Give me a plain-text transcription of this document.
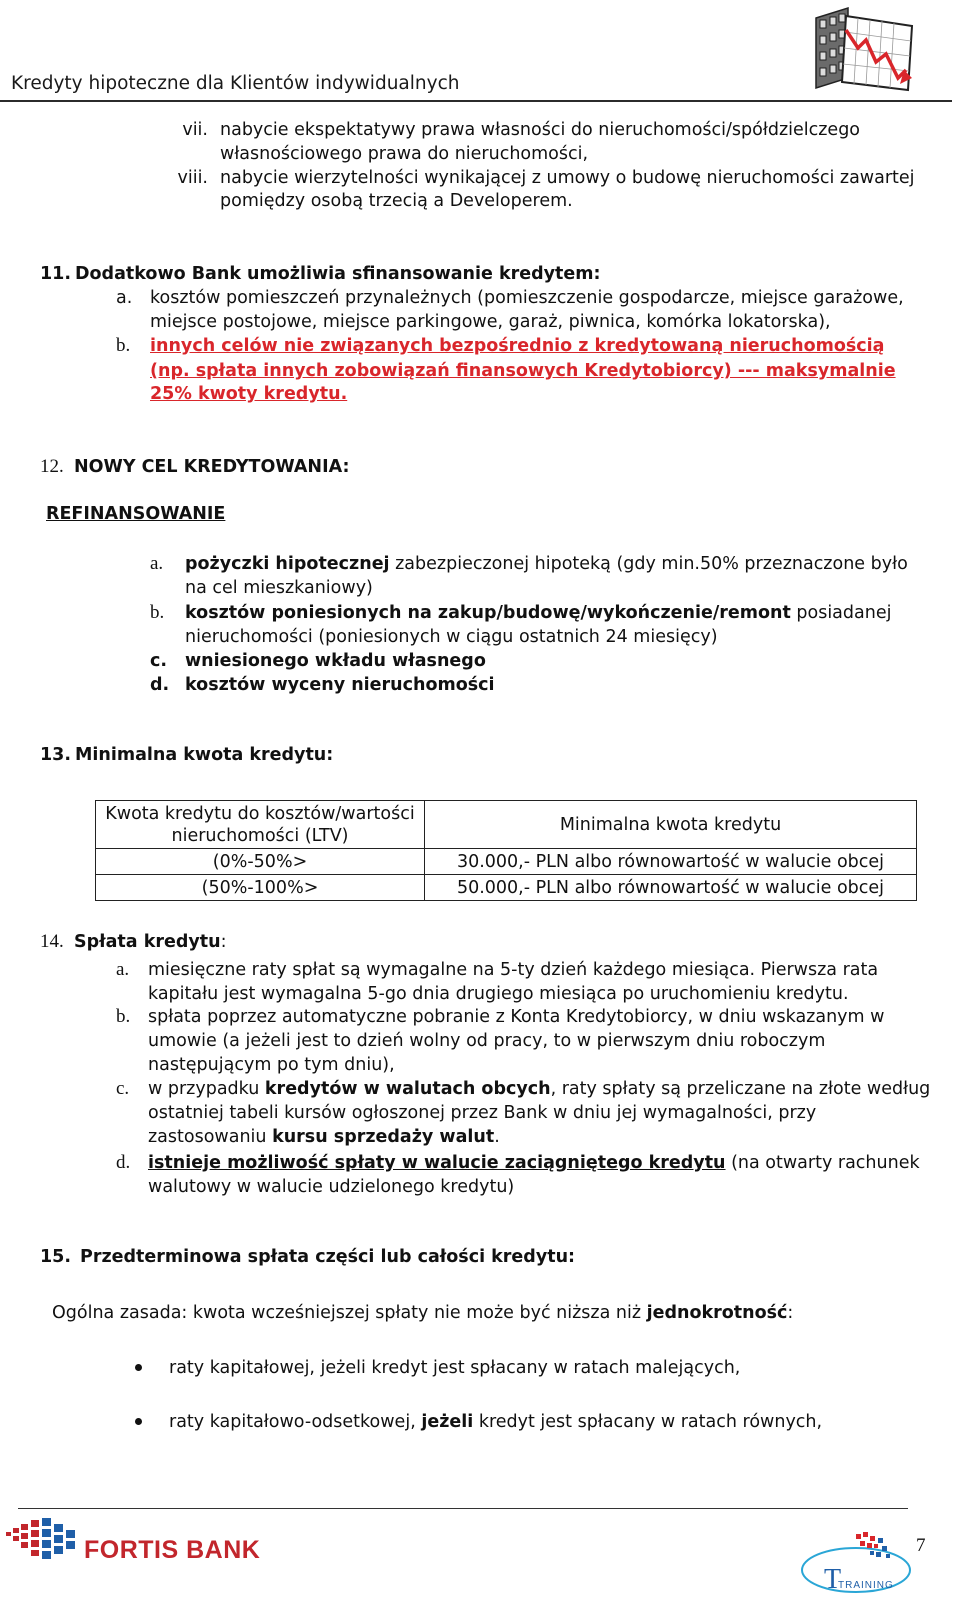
Kredyty hipoteczne dla Klientów indywidualnych
vii. nabycie ekspektatywy prawa własności do nieruchomości/spółdzielczego
własnościowego prawa do nieruchomości,
viii. nabycie wierzytelności wynikającej z umowy o budowę nieruchomości zawartej
pomiędzy osobą trzecią a Developerem.
11. Dodatkowo Bank umożliwia sfinansowanie kredytem:
a. kosztów pomieszczeń przynależnych (pomieszczenie gospodarcze, miejsce garażowe,
miejsce postojowe, miejsce parkingowe, garaż, piwnica, komórka lokatorska),
b. innych celów nie związanych bezpośrednio z kredytowaną nieruchomością
(np. spłata innych zobowiązań finansowych Kredytobiorcy) --- maksymalnie
25% kwoty kredytu.
12. NOWY CEL KREDYTOWANIA:
REFINANSOWANIE
a. pożyczki hipotecznej zabezpieczonej hipoteką (gdy min.50% przeznaczone było
na cel mieszkaniowy)
b. kosztów poniesionych na zakup/budowę/wykończenie/remont posiadanej
nieruchomości (poniesionych w ciągu ostatnich 24 miesięcy)
c. wniesionego wkładu własnego
d. kosztów wyceny nieruchomości
13. Minimalna kwota kredytu:
Kwota kredytu do kosztów/wartości
nieruchomości (LTV)	Minimalna kwota kredytu
(0%-50%>	30.000,- PLN albo równowartość w walucie obcej
(50%-100%>	50.000,- PLN albo równowartość w walucie obcej
14. Spłata kredytu:
a. miesięczne raty spłat są wymagalne na 5-ty dzień każdego miesiąca. Pierwsza rata
kapitału jest wymagalna 5-go dnia drugiego miesiąca po uruchomieniu kredytu.
b. spłata poprzez automatyczne pobranie z Konta Kredytobiorcy, w dniu wskazanym w
umowie (a jeżeli jest to dzień wolny od pracy, to w pierwszym dniu roboczym
następującym po tym dniu),
c. w przypadku kredytów w walutach obcych, raty spłaty są przeliczane na złote według
ostatniej tabeli kursów ogłoszonej przez Bank w dniu jej wymagalności, przy
zastosowaniu kursu sprzedaży walut.
d. istnieje możliwość spłaty w walucie zaciągniętego kredytu (na otwarty rachunek
walutowy w walucie udzielonego kredytu)
15. Przedterminowa spłata części lub całości kredytu:
Ogólna zasada: kwota wcześniejszej spłaty nie może być niższa niż jednokrotność:
raty kapitałowej, jeżeli kredyt jest spłacany w ratach malejących,
raty kapitałowo-odsetkowej, jeżeli kredyt jest spłacany w ratach równych,
FORTIS BANK
T
TRAINING
7
